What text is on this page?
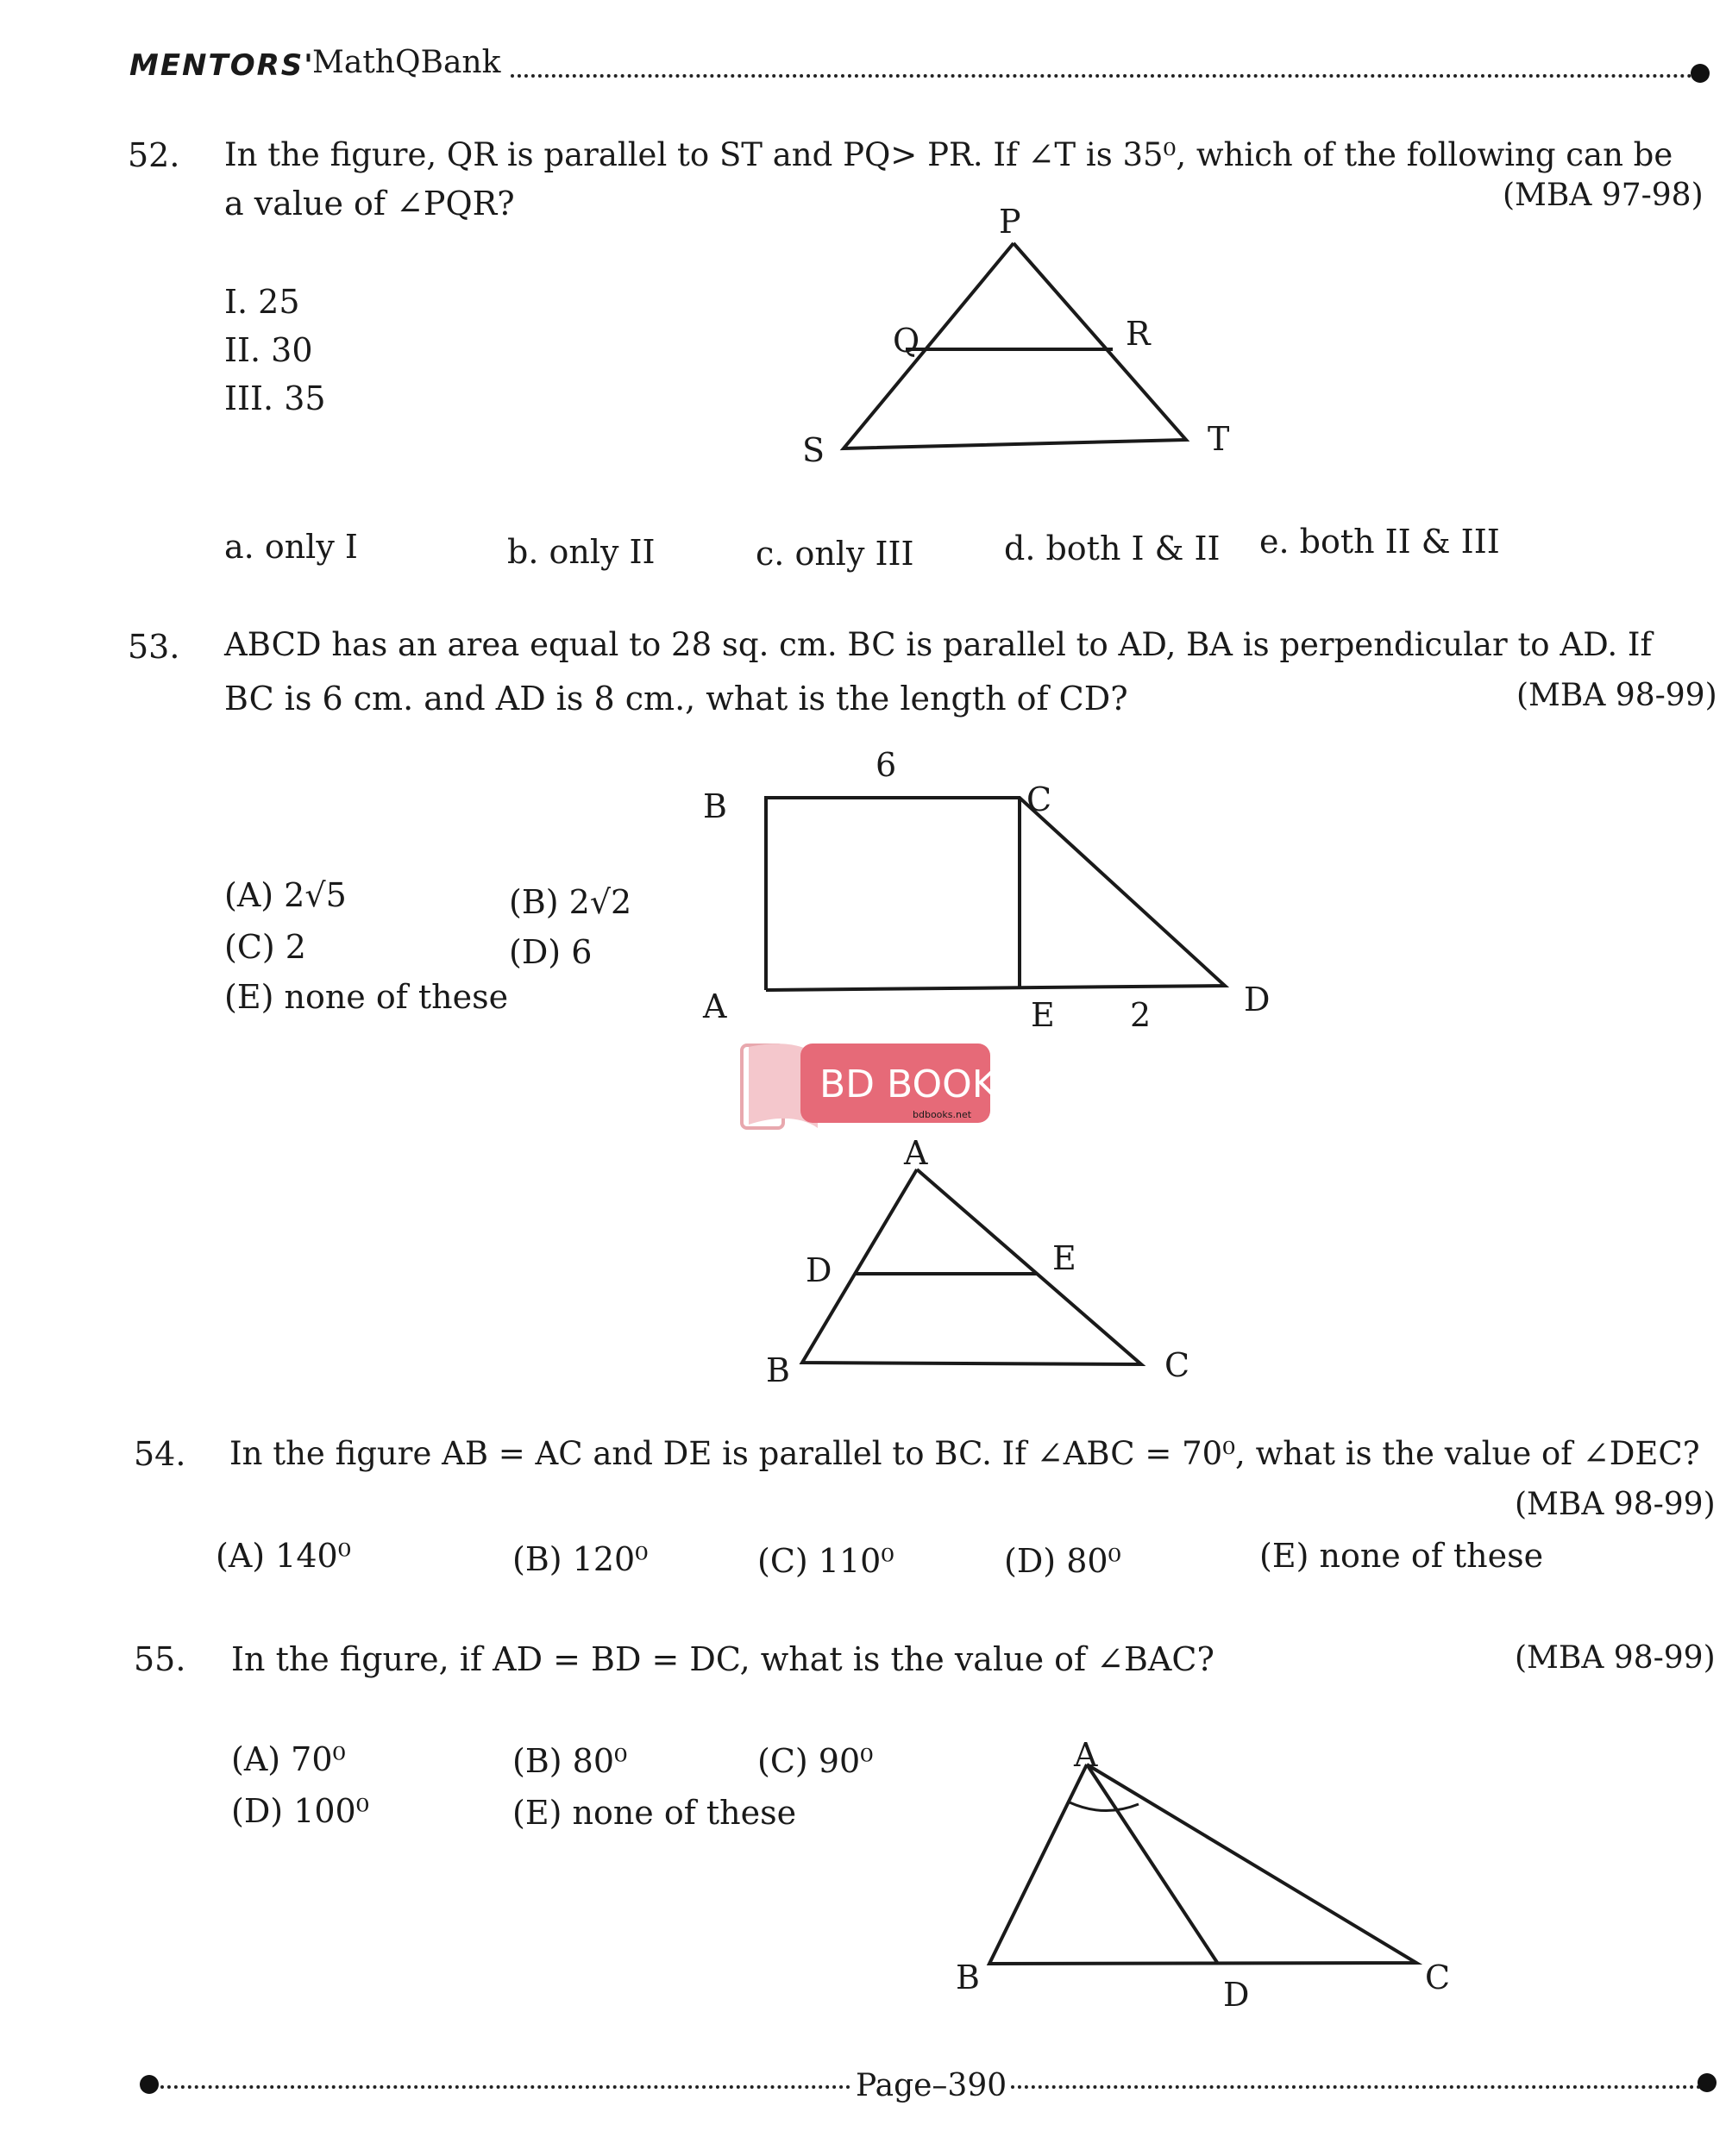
MENTORS'
MathQBank
52. In the figure, QR is parallel to ST and PQ> PR. If ∠T is 35⁰, which of the following can be
a value of ∠PQR?	(MBA 97-98)
I. 25
II. 30
III. 35
P
Q	R
S	T
a. only I	b. only II	c. only III	d. both I & II e. both II & III
53. ABCD has an area equal to 28 sq. cm. BC is parallel to AD, BA is perpendicular to AD. If
BC is 6 cm. and AD is 8 cm., what is the length of CD?	(MBA 98-99)
(A) 2√5	(B) 2√2
(C) 2	(D) 6
(E) none of these
6
B	C
A	E 2	D
BD BOOKS
bdbooks.net
A
D	E
B	C
54. In the figure AB = AC and DE is parallel to BC. If ∠ABC = 70⁰, what is the value of ∠DEC?
(MBA 98-99)
(A) 140⁰	(B) 120⁰	(C) 110⁰	(D) 80⁰	(E) none of these
55. In the figure, if AD = BD = DC, what is the value of ∠BAC?	(MBA 98-99)
(A) 70⁰	(B) 80⁰	(C) 90⁰
(D) 100⁰	(E) none of these
A
B	D	C
Page–390
